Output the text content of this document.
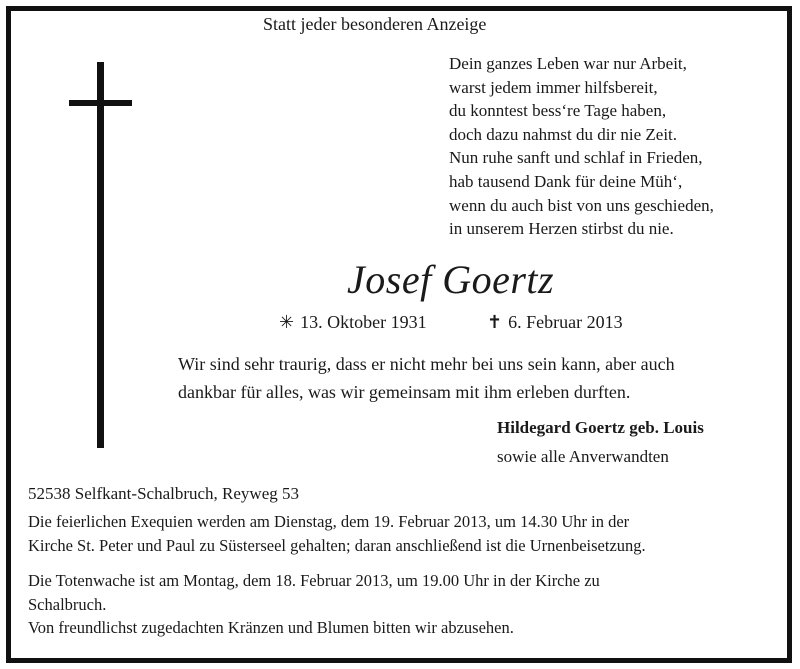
Statt jeder besonderen Anzeige
Dein ganzes Leben war nur Arbeit,
warst jedem immer hilfsbereit,
du konntest bess‘re Tage haben,
doch dazu nahmst du dir nie Zeit.
Nun ruhe sanft und schlaf in Frieden,
hab tausend Dank für deine Müh‘,
wenn du auch bist von uns geschieden,
in unserem Herzen stirbst du nie.
Josef Goertz
✳ 13. Oktober 1931	✝ 6. Februar 2013
Wir sind sehr traurig, dass er nicht mehr bei uns sein kann, aber auch
dankbar für alles, was wir gemeinsam mit ihm erleben durften.
Hildegard Goertz geb. Louis
sowie alle Anverwandten
52538 Selfkant-Schalbruch, Reyweg 53
Die feierlichen Exequien werden am Dienstag, dem 19. Februar 2013, um 14.30 Uhr in der
Kirche St. Peter und Paul zu Süsterseel gehalten; daran anschließend ist die Urnenbeisetzung.
Die Totenwache ist am Montag, dem 18. Februar 2013, um 19.00 Uhr in der Kirche zu
Schalbruch.
Von freundlichst zugedachten Kränzen und Blumen bitten wir abzusehen.
